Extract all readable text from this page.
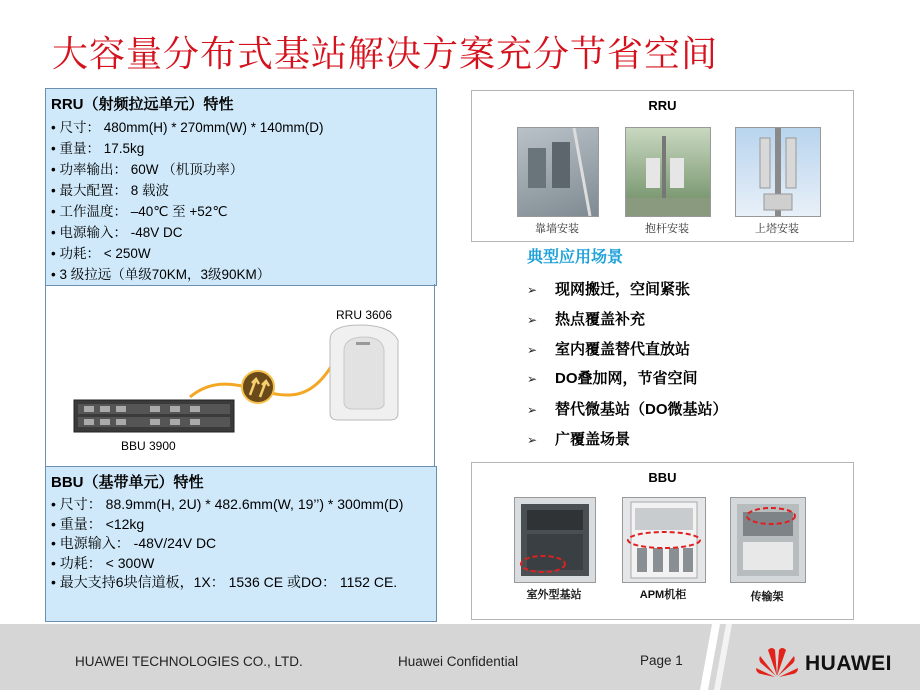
大容量分布式基站解决方案充分节省空间
RRU（射频拉远单元）特性
• 尺寸： 480mm(H) * 270mm(W) * 140mm(D)
• 重量： 17.5kg
• 功率输出： 60W （机顶功率）
• 最大配置： 8 载波
• 工作温度： –40℃ 至 +52℃
• 电源输入： -48V DC
• 功耗： < 250W
• 3 级拉远（单级70KM，3级90KM）
RRU 3606
BBU 3900
BBU（基带单元）特性
• 尺寸： 88.9mm(H, 2U) * 482.6mm(W, 19’’) * 300mm(D)
• 重量： <12kg
• 电源输入： -48V/24V DC
• 功耗： < 300W
• 最大支持6块信道板，1X： 1536 CE 或DO： 1152 CE.
RRU
靠墙安装	抱杆安装	上塔安装
典型应用场景
➢ 现网搬迁，空间紧张
➢ 热点覆盖补充
➢ 室内覆盖替代直放站
➢ DO叠加网，节省空间
➢ 替代微基站（DO微基站）
➢ 广覆盖场景
BBU
室外型基站	APM机柜	传输架
HUAWEI TECHNOLOGIES CO., LTD.	Huawei Confidential	Page 1	HUAWEI
